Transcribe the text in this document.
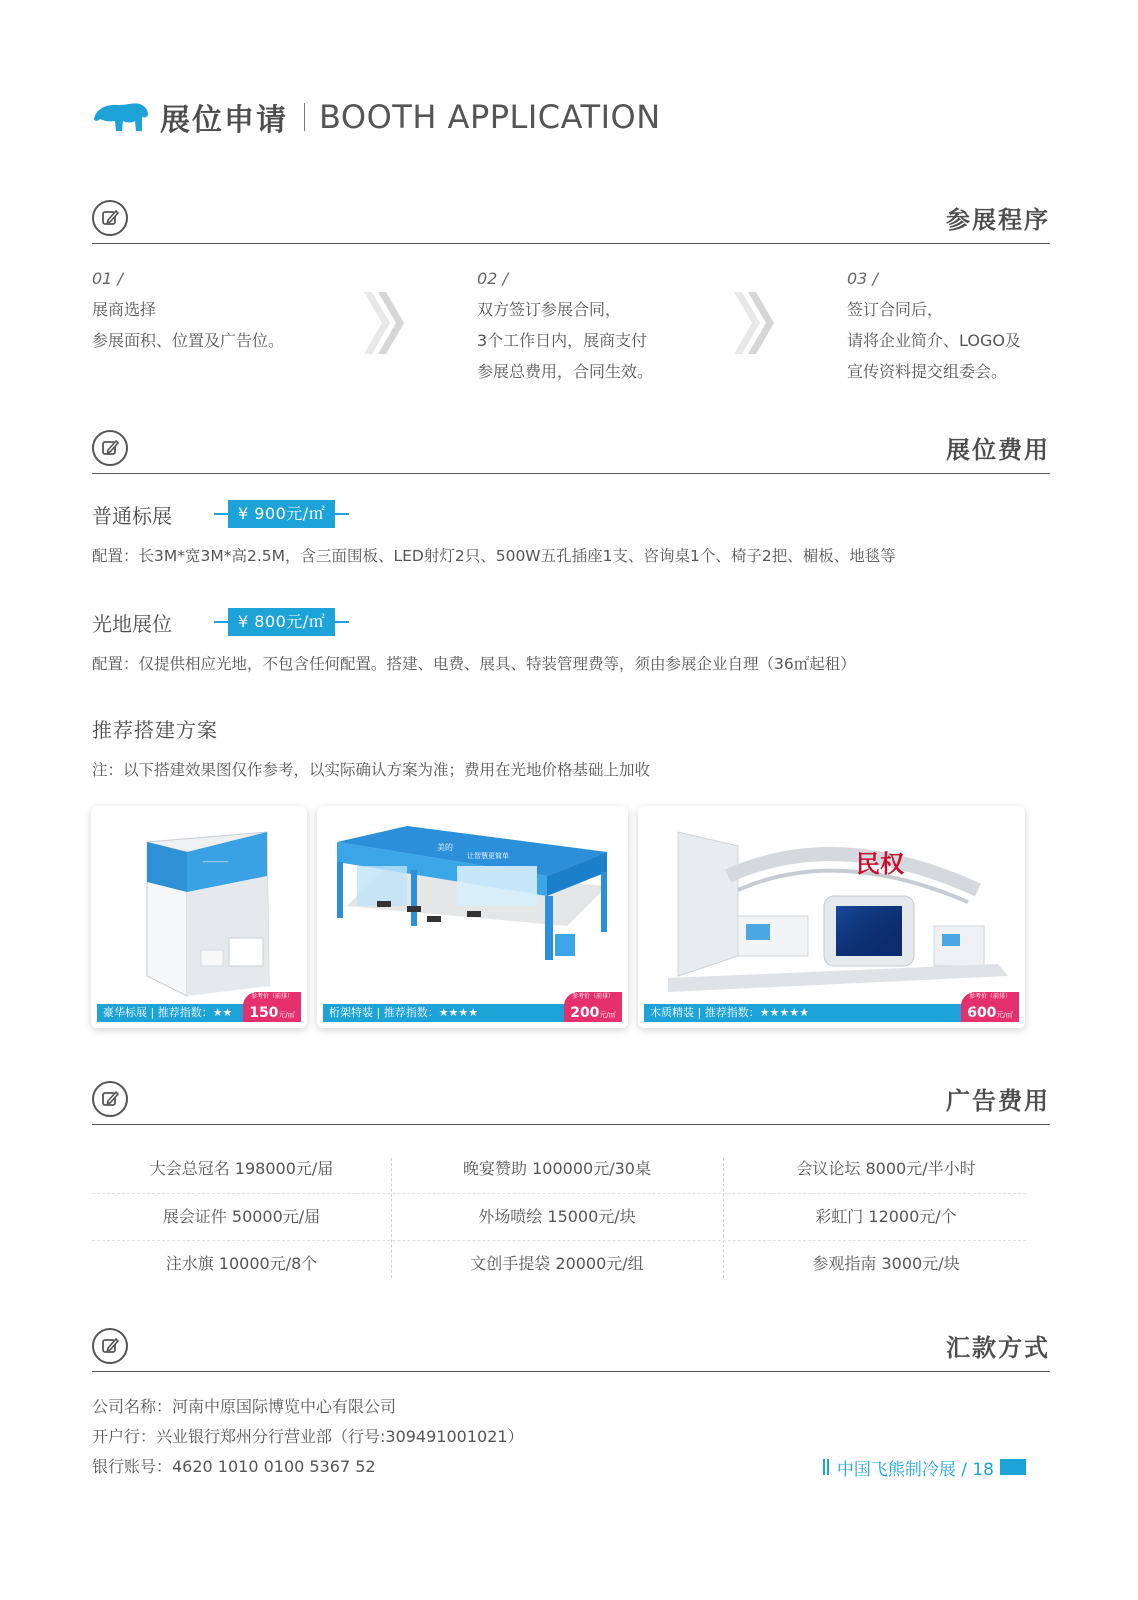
展位申请 BOOTH APPLICATION
参展程序
01 /
展商选择
参展面积、位置及广告位。
02 /
双方签订参展合同，
3个工作日内，展商支付
参展总费用，合同生效。
03 /
签订合同后，
请将企业简介、LOGO及
宣传资料提交组委会。
展位费用
普通标展	¥ 900元/㎡
配置：长3M*宽3M*高2.5M，含三面围板、LED射灯2只、500W五孔插座1支、咨询桌1个、椅子2把、楣板、地毯等
光地展位	¥ 800元/㎡
配置：仅提供相应光地，不包含任何配置。搭建、电费、展具、特装管理费等，须由参展企业自理（36㎡起租）
推荐搭建方案
注：以下搭建效果图仅作参考，以实际确认方案为准；费用在光地价格基础上加收
───────
豪华标展 | 推荐指数：★★
参考价（前排）
150元/㎡
美的
让智慧更简单
桁架特装 | 推荐指数：★★★★
参考价（前排）
200元/㎡
民权
木质精装 | 推荐指数：★★★★★
参考价（前排）
600元/㎡
广告费用
大会总冠名 198000元/届	晚宴赞助 100000元/30桌	会议论坛 8000元/半小时
展会证件 50000元/届	外场喷绘 15000元/块	彩虹门 12000元/个
注水旗 10000元/8个	文创手提袋 20000元/组	参观指南 3000元/块
汇款方式
公司名称：河南中原国际博览中心有限公司
开户行：兴业银行郑州分行营业部（行号:309491001021）
银行账号：4620 1010 0100 5367 52	中国飞熊制冷展 / 18
